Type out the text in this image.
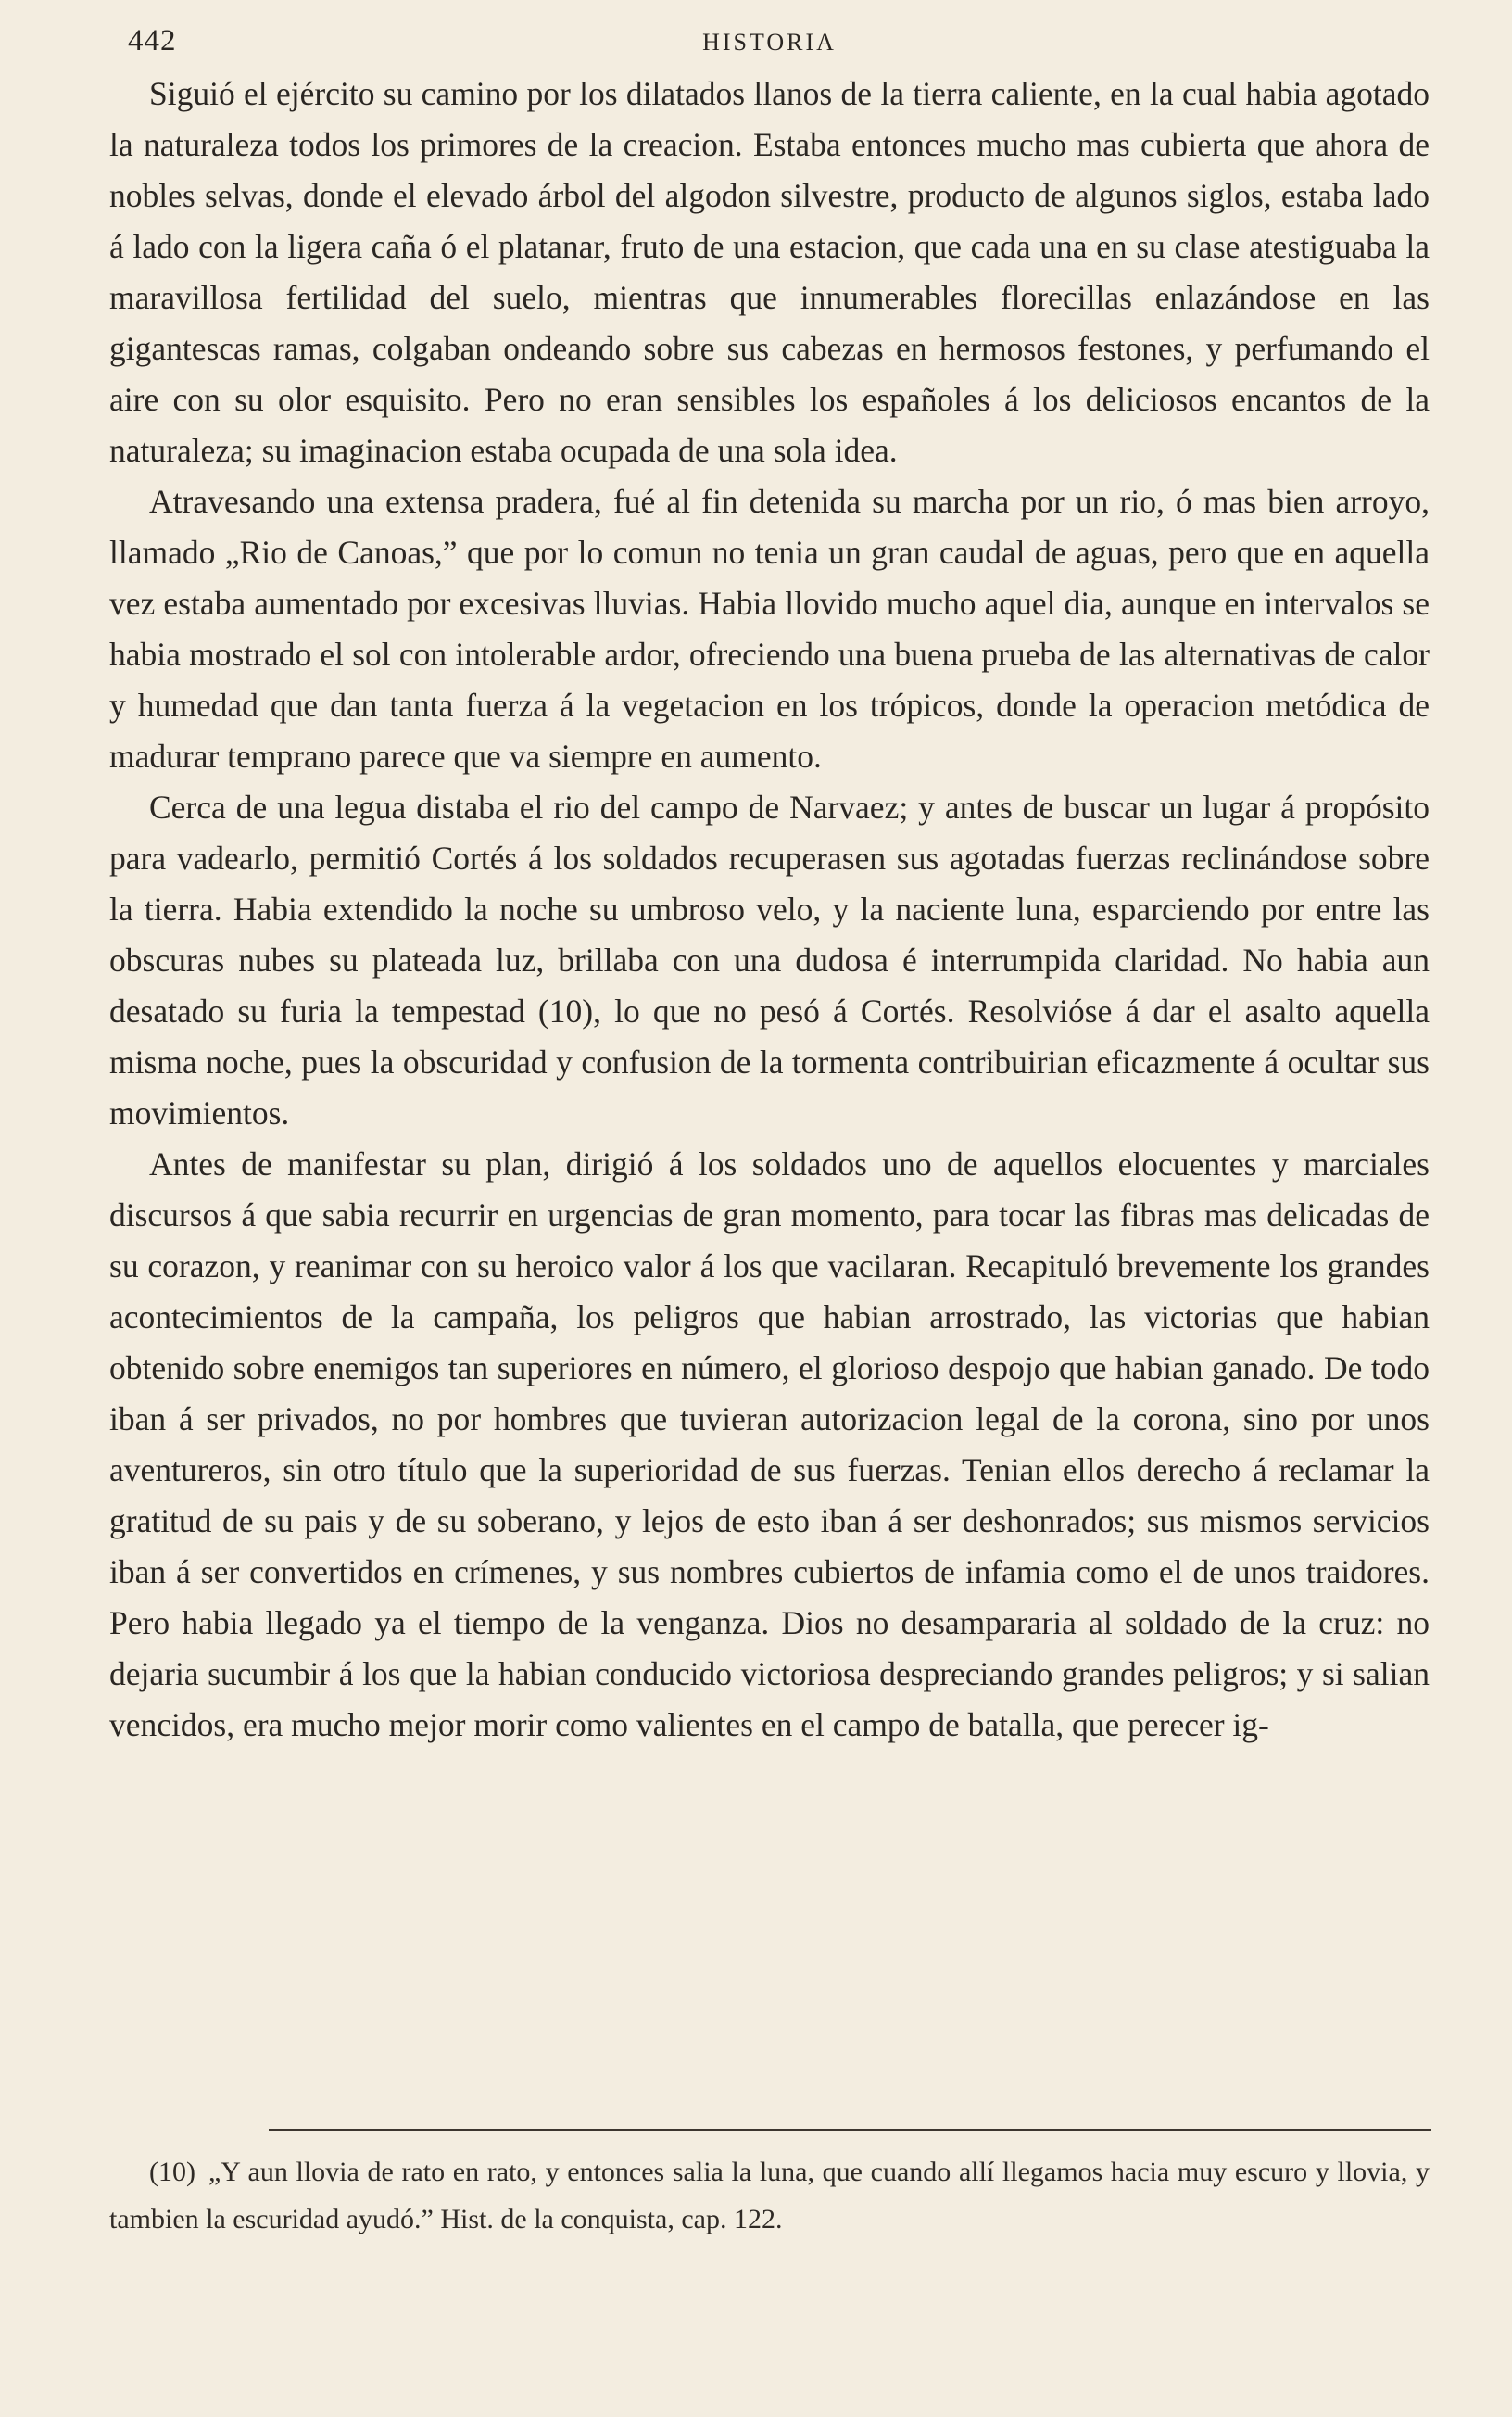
442	HISTORIA

Siguió el ejército su camino por los dilatados llanos de la tierra caliente, en la cual habia agotado la naturaleza todos los primores de la creacion. Estaba entonces mucho mas cubierta que ahora de nobles selvas, donde el elevado árbol del algodon silvestre, producto de algunos siglos, estaba lado á lado con la ligera caña ó el platanar, fruto de una estacion, que cada una en su clase atestiguaba la maravillosa fertilidad del suelo, mientras que innumerables florecillas enlazándose en las gigantescas ramas, colgaban ondeando sobre sus cabezas en hermosos festones, y perfumando el aire con su olor esquisito. Pero no eran sensibles los españoles á los deliciosos encantos de la naturaleza; su imaginacion estaba ocupada de una sola idea.

Atravesando una extensa pradera, fué al fin detenida su marcha por un rio, ó mas bien arroyo, llamado „Rio de Canoas,” que por lo comun no tenia un gran caudal de aguas, pero que en aquella vez estaba aumentado por excesivas lluvias. Habia llovido mucho aquel dia, aunque en intervalos se habia mostrado el sol con intolerable ardor, ofreciendo una buena prueba de las alternativas de calor y humedad que dan tanta fuerza á la vegetacion en los trópicos, donde la operacion metódica de madurar temprano parece que va siempre en aumento.

Cerca de una legua distaba el rio del campo de Narvaez; y antes de buscar un lugar á propósito para vadearlo, permitió Cortés á los soldados recuperasen sus agotadas fuerzas reclinándose sobre la tierra. Habia extendido la noche su umbroso velo, y la naciente luna, esparciendo por entre las obscuras nubes su plateada luz, brillaba con una dudosa é interrumpida claridad. No habia aun desatado su furia la tempestad (10), lo que no pesó á Cortés. Resolvióse á dar el asalto aquella misma noche, pues la obscuridad y confusion de la tormenta contribuirian eficazmente á ocultar sus movimientos.

Antes de manifestar su plan, dirigió á los soldados uno de aquellos elocuentes y marciales discursos á que sabia recurrir en urgencias de gran momento, para tocar las fibras mas delicadas de su corazon, y reanimar con su heroico valor á los que vacilaran. Recapituló brevemente los grandes acontecimientos de la campaña, los peligros que habian arrostrado, las victorias que habian obtenido sobre enemigos tan superiores en número, el glorioso despojo que habian ganado. De todo iban á ser privados, no por hombres que tuvieran autorizacion legal de la corona, sino por unos aventureros, sin otro título que la superioridad de sus fuerzas. Tenian ellos derecho á reclamar la gratitud de su pais y de su soberano, y lejos de esto iban á ser deshonrados; sus mismos servicios iban á ser convertidos en crímenes, y sus nombres cubiertos de infamia como el de unos traidores. Pero habia llegado ya el tiempo de la venganza. Dios no desampararia al soldado de la cruz: no dejaria sucumbir á los que la habian conducido victoriosa despreciando grandes peligros; y si salian vencidos, era mucho mejor morir como valientes en el campo de batalla, que perecer ig-

(10) „Y aun llovia de rato en rato, y entonces salia la luna, que cuando allí llegamos hacia muy escuro y llovia, y tambien la escuridad ayudó.” Hist. de la conquista, cap. 122.
